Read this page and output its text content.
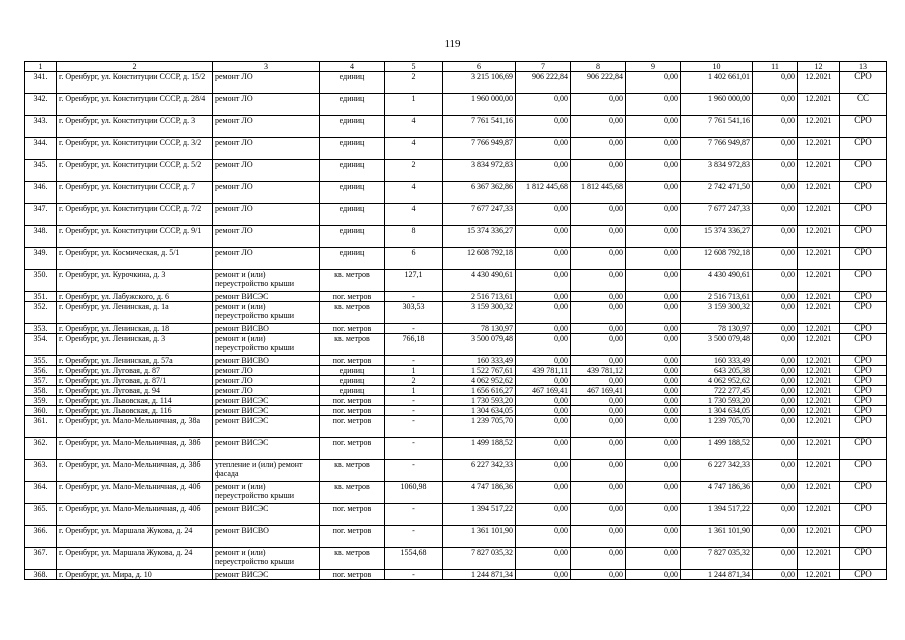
119
1	2	3	4	5	6	7	8	9	10	11	12	13
341.	г. Оренбург, ул. Конституции СССР, д. 15/2	ремонт ЛО	единиц	2	3 215 106,69	906 222,84	906 222,84	0,00	1 402 661,01	0,00	12.2021	СРО
342.	г. Оренбург, ул. Конституции СССР, д. 28/4	ремонт ЛО	единиц	1	1 960 000,00	0,00	0,00	0,00	1 960 000,00	0,00	12.2021	СС
343.	г. Оренбург, ул. Конституции СССР, д. 3	ремонт ЛО	единиц	4	7 761 541,16	0,00	0,00	0,00	7 761 541,16	0,00	12.2021	СРО
344.	г. Оренбург, ул. Конституции СССР, д. 3/2	ремонт ЛО	единиц	4	7 766 949,87	0,00	0,00	0,00	7 766 949,87	0,00	12.2021	СРО
345.	г. Оренбург, ул. Конституции СССР, д. 5/2	ремонт ЛО	единиц	2	3 834 972,83	0,00	0,00	0,00	3 834 972,83	0,00	12.2021	СРО
346.	г. Оренбург, ул. Конституции СССР, д. 7	ремонт ЛО	единиц	4	6 367 362,86	1 812 445,68	1 812 445,68	0,00	2 742 471,50	0,00	12.2021	СРО
347.	г. Оренбург, ул. Конституции СССР, д. 7/2	ремонт ЛО	единиц	4	7 677 247,33	0,00	0,00	0,00	7 677 247,33	0,00	12.2021	СРО
348.	г. Оренбург, ул. Конституции СССР, д. 9/1	ремонт ЛО	единиц	8	15 374 336,27	0,00	0,00	0,00	15 374 336,27	0,00	12.2021	СРО
349.	г. Оренбург, ул. Космическая, д. 5/1	ремонт ЛО	единиц	6	12 608 792,18	0,00	0,00	0,00	12 608 792,18	0,00	12.2021	СРО
350.	г. Оренбург, ул. Курочкина, д. 3	ремонт и (или) переустройство крыши	кв. метров	127,1	4 430 490,61	0,00	0,00	0,00	4 430 490,61	0,00	12.2021	СРО
351.	г. Оренбург, ул. Лабужского, д. 6	ремонт ВИСЭС	пог. метров	-	2 516 713,61	0,00	0,00	0,00	2 516 713,61	0,00	12.2021	СРО
352.	г. Оренбург, ул. Ленинская, д. 1а	ремонт и (или) переустройство крыши	кв. метров	303,53	3 159 300,32	0,00	0,00	0,00	3 159 300,32	0,00	12.2021	СРО
353.	г. Оренбург, ул. Ленинская, д. 18	ремонт ВИСВО	пог. метров	-	78 130,97	0,00	0,00	0,00	78 130,97	0,00	12.2021	СРО
354.	г. Оренбург, ул. Ленинская, д. 3	ремонт и (или) переустройство крыши	кв. метров	766,18	3 500 079,48	0,00	0,00	0,00	3 500 079,48	0,00	12.2021	СРО
355.	г. Оренбург, ул. Ленинская, д. 57а	ремонт ВИСВО	пог. метров	-	160 333,49	0,00	0,00	0,00	160 333,49	0,00	12.2021	СРО
356.	г. Оренбург, ул. Луговая, д. 87	ремонт ЛО	единиц	1	1 522 767,61	439 781,11	439 781,12	0,00	643 205,38	0,00	12.2021	СРО
357.	г. Оренбург, ул. Луговая, д. 87/1	ремонт ЛО	единиц	2	4 062 952,62	0,00	0,00	0,00	4 062 952,62	0,00	12.2021	СРО
358.	г. Оренбург, ул. Луговая, д. 94	ремонт ЛО	единиц	1	1 656 616,27	467 169,41	467 169,41	0,00	722 277,45	0,00	12.2021	СРО
359.	г. Оренбург, ул. Львовская, д. 114	ремонт ВИСЭС	пог. метров	-	1 730 593,20	0,00	0,00	0,00	1 730 593,20	0,00	12.2021	СРО
360.	г. Оренбург, ул. Львовская, д. 116	ремонт ВИСЭС	пог. метров	-	1 304 634,05	0,00	0,00	0,00	1 304 634,05	0,00	12.2021	СРО
361.	г. Оренбург, ул. Мало-Мельничная, д. 38а	ремонт ВИСЭС	пог. метров	-	1 239 705,70	0,00	0,00	0,00	1 239 705,70	0,00	12.2021	СРО
362.	г. Оренбург, ул. Мало-Мельничная, д. 38б	ремонт ВИСЭС	пог. метров	-	1 499 188,52	0,00	0,00	0,00	1 499 188,52	0,00	12.2021	СРО
363.	г. Оренбург, ул. Мало-Мельничная, д. 38б	утепление и (или) ремонт фасада	кв. метров	-	6 227 342,33	0,00	0,00	0,00	6 227 342,33	0,00	12.2021	СРО
364.	г. Оренбург, ул. Мало-Мельничная, д. 40б	ремонт и (или) переустройство крыши	кв. метров	1060,98	4 747 186,36	0,00	0,00	0,00	4 747 186,36	0,00	12.2021	СРО
365.	г. Оренбург, ул. Мало-Мельничная, д. 40б	ремонт ВИСЭС	пог. метров	-	1 394 517,22	0,00	0,00	0,00	1 394 517,22	0,00	12.2021	СРО
366.	г. Оренбург, ул. Маршала Жукова, д. 24	ремонт ВИСВО	пог. метров	-	1 361 101,90	0,00	0,00	0,00	1 361 101,90	0,00	12.2021	СРО
367.	г. Оренбург, ул. Маршала Жукова, д. 24	ремонт и (или) переустройство крыши	кв. метров	1554,68	7 827 035,32	0,00	0,00	0,00	7 827 035,32	0,00	12.2021	СРО
368.	г. Оренбург, ул. Мира, д. 10	ремонт ВИСЭС	пог. метров	-	1 244 871,34	0,00	0,00	0,00	1 244 871,34	0,00	12.2021	СРО
